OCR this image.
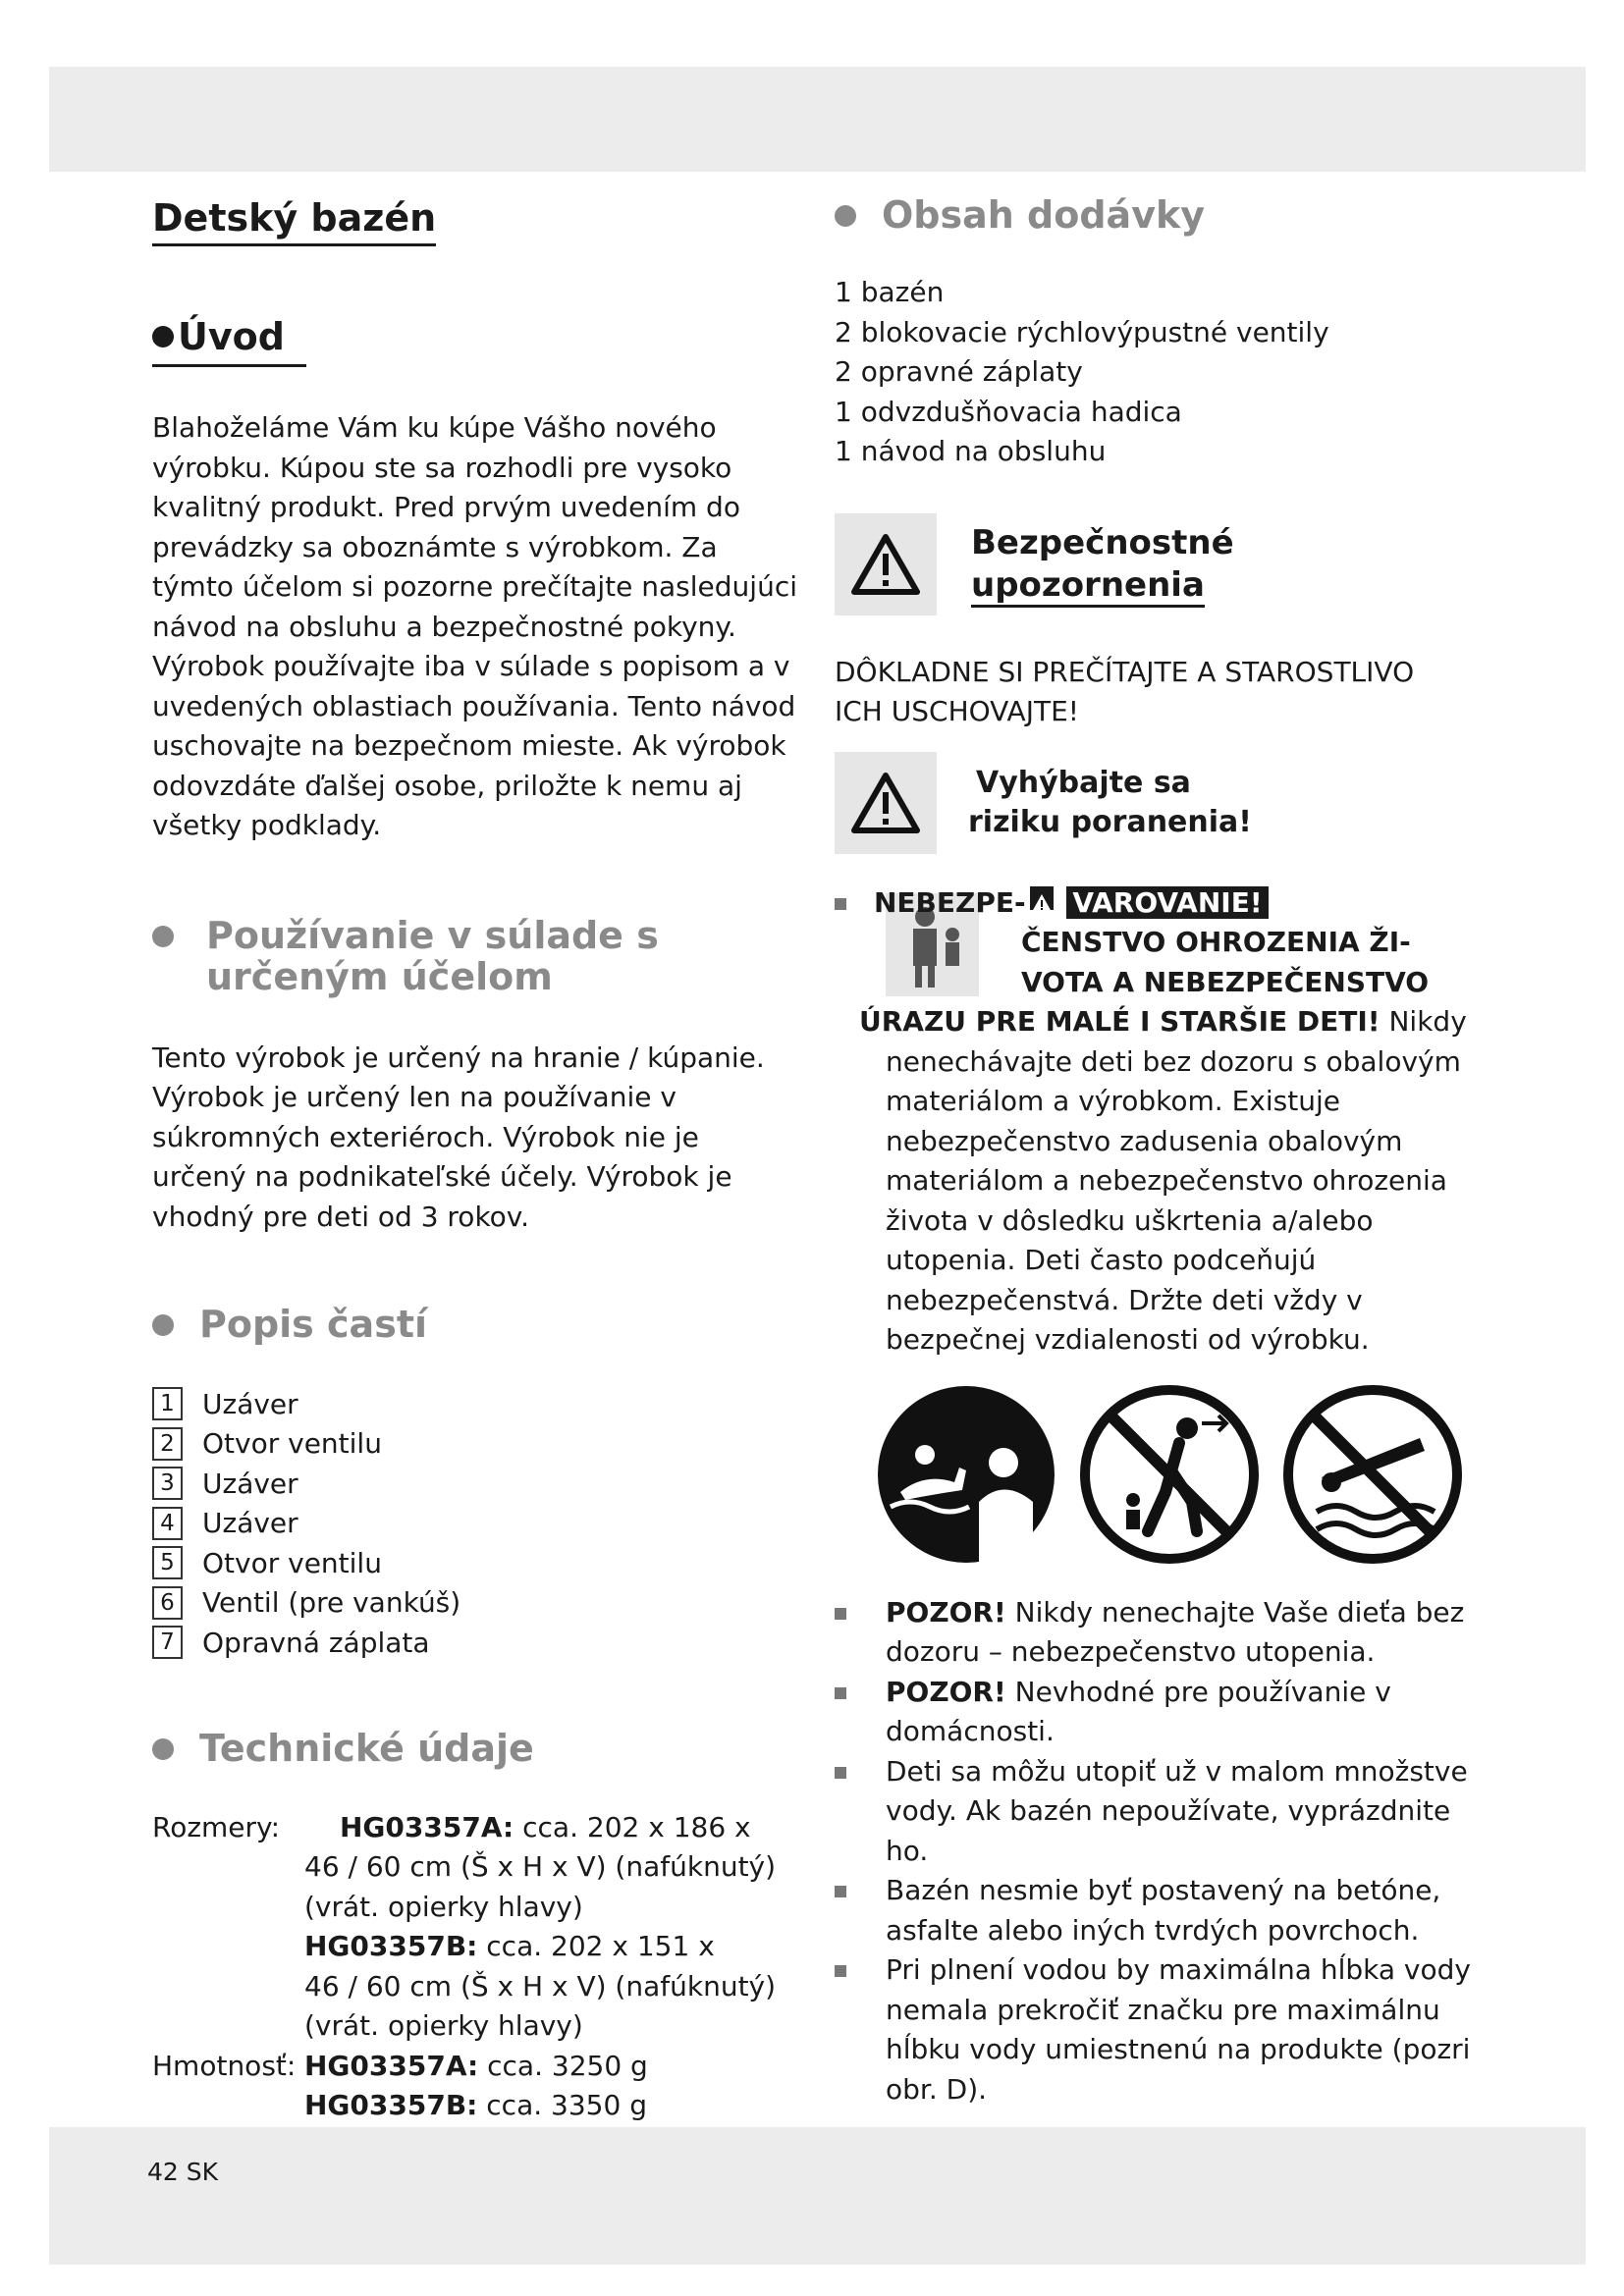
Detský bazén
Úvod

Blahoželáme Vám ku kúpe Vášho nového výrobku. Kúpou ste sa rozhodli pre vysoko kvalitný produkt. Pred prvým uvedením do prevádzky sa oboznámte s výrobkom. Za týmto účelom si pozorne prečítajte nasledujúci návod na obsluhu a bezpečnostné pokyny. Výrobok používajte iba v súlade s popisom a v uvedených oblastiach používania. Tento návod uschovajte na bezpečnom mieste. Ak výrobok odovzdáte ďalšej osobe, priložte k nemu aj všetky podklady.

Používanie v súlade s
určeným účelom

Tento výrobok je určený na hranie / kúpanie. Výrobok je určený len na používanie v súkromných exteriéroch. Výrobok nie je určený na podnikateľské účely. Výrobok je vhodný pre deti od 3 rokov.

Popis častí
1 Uzáver
2 Otvor ventilu
3 Uzáver
4 Uzáver
5 Otvor ventilu
6 Ventil (pre vankúš)
7 Opravná záplata
Technické údaje
Rozmery:	HG03357A: cca. 202 x 186 x
46 / 60 cm (Š x H x V) (nafúknutý)
(vrát. opierky hlavy)
HG03357B: cca. 202 x 151 x
46 / 60 cm (Š x H x V) (nafúknutý)
(vrát. opierky hlavy)
Hmotnosť: HG03357A: cca. 3250 g
HG03357B: cca. 3350 g
Obsah dodávky
1 bazén
2 blokovacie rýchlovýpustné ventily
2 opravné záplaty
1 odvzdušňovacia hadica
1 návod na obsluhu
Bezpečnostné
upozornenia
DÔKLADNE SI PREČÍTAJTE A STAROSTLIVO
ICH USCHOVAJTE!
Vyhýbajte sa
riziku poranenia!
NEBEZPE- VAROVANIE!
ČENSTVO OHROZENIA ŽI-
VOTA A NEBEZPEČENSTVO
ÚRAZU PRE MALÉ I STARŠIE DETI! Nikdy
nenechávajte deti bez dozoru s obalovým materiálom a výrobkom. Existuje nebezpečenstvo zadusenia obalovým materiálom a nebezpečenstvo ohrozenia života v dôsledku uškrtenia a/alebo utopenia. Deti často podceňujú nebezpečenstvá. Držte deti vždy v bezpečnej vzdialenosti od výrobku.
POZOR! Nikdy nenechajte Vaše dieťa bez dozoru – nebezpečenstvo utopenia.
POZOR! Nevhodné pre používanie v domácnosti.
Deti sa môžu utopiť už v malom množstve vody. Ak bazén nepoužívate, vyprázdnite ho.
Bazén nesmie byť postavený na betóne, asfalte alebo iných tvrdých povrchoch.
Pri plnení vodou by maximálna hĺbka vody nemala prekročiť značku pre maximálnu hĺbku vody umiestnenú na produkte (pozri obr. D).
42 SK
